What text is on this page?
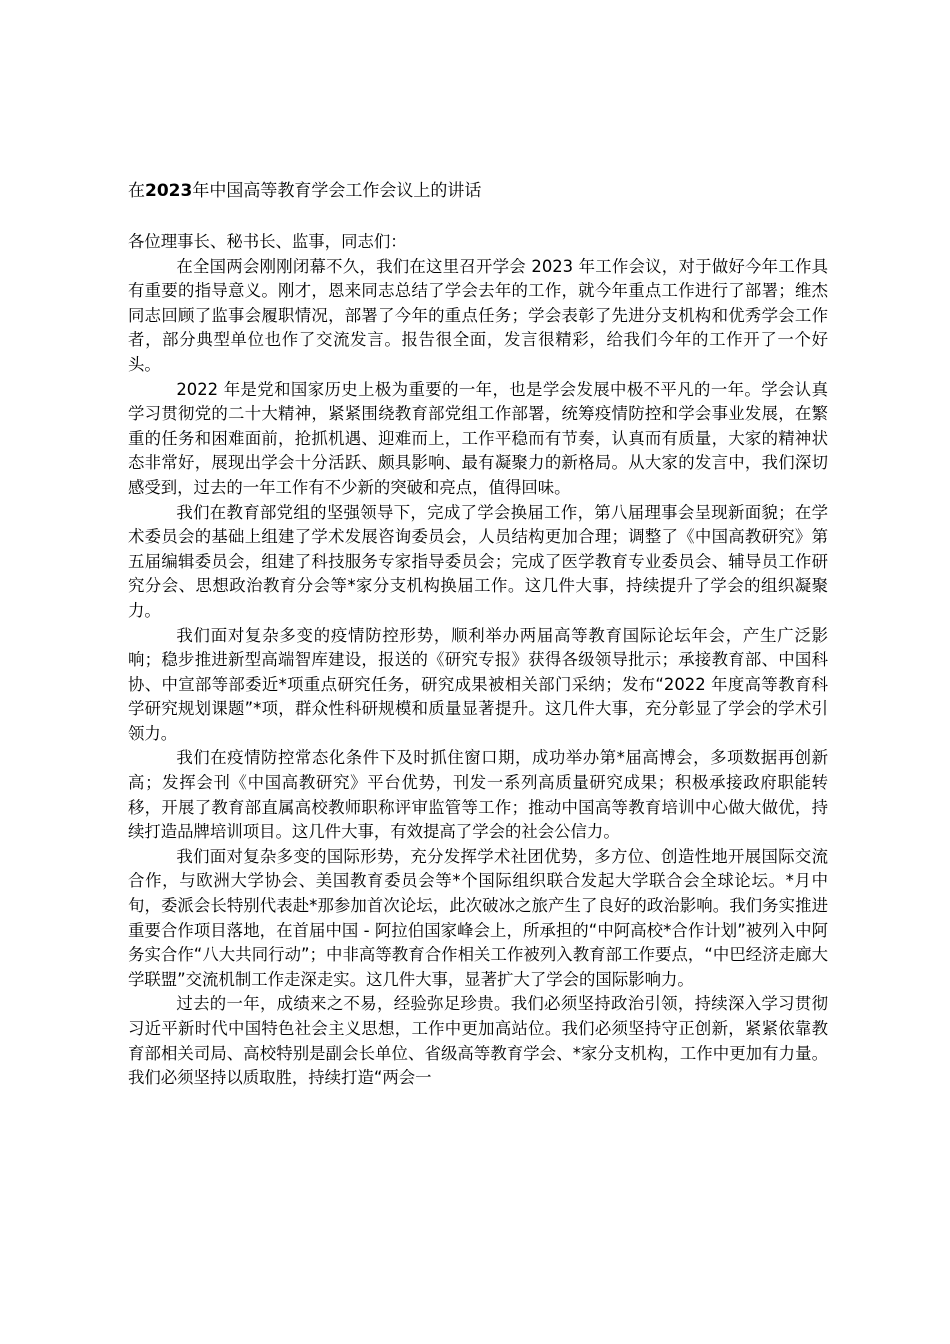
在2023年中国高等教育学会工作会议上的讲话

各位理事长、秘书长、监事，同志们：

在全国两会刚刚闭幕不久，我们在这里召开学会 2023 年工作会议，对于做好今年工作具有重要的指导意义。刚才，恩来同志总结了学会去年的工作，就今年重点工作进行了部署；维杰同志回顾了监事会履职情况，部署了今年的重点任务；学会表彰了先进分支机构和优秀学会工作者，部分典型单位也作了交流发言。报告很全面，发言很精彩，给我们今年的工作开了一个好头。

2022 年是党和国家历史上极为重要的一年，也是学会发展中极不平凡的一年。学会认真学习贯彻党的二十大精神，紧紧围绕教育部党组工作部署，统筹疫情防控和学会事业发展，在繁重的任务和困难面前，抢抓机遇、迎难而上，工作平稳而有节奏，认真而有质量，大家的精神状态非常好，展现出学会十分活跃、颇具影响、最有凝聚力的新格局。从大家的发言中，我们深切感受到，过去的一年工作有不少新的突破和亮点，值得回味。

我们在教育部党组的坚强领导下，完成了学会换届工作，第八届理事会呈现新面貌；在学术委员会的基础上组建了学术发展咨询委员会，人员结构更加合理；调整了《中国高教研究》第五届编辑委员会，组建了科技服务专家指导委员会；完成了医学教育专业委员会、辅导员工作研究分会、思想政治教育分会等*家分支机构换届工作。这几件大事，持续提升了学会的组织凝聚力。

我们面对复杂多变的疫情防控形势，顺利举办两届高等教育国际论坛年会，产生广泛影响；稳步推进新型高端智库建设，报送的《研究专报》获得各级领导批示；承接教育部、中国科协、中宣部等部委近*项重点研究任务，研究成果被相关部门采纳；发布“2022 年度高等教育科学研究规划课题”*项，群众性科研规模和质量显著提升。这几件大事，充分彰显了学会的学术引领力。

我们在疫情防控常态化条件下及时抓住窗口期，成功举办第*届高博会，多项数据再创新高；发挥会刊《中国高教研究》平台优势，刊发一系列高质量研究成果；积极承接政府职能转移，开展了教育部直属高校教师职称评审监管等工作；推动中国高等教育培训中心做大做优，持续打造品牌培训项目。这几件大事，有效提高了学会的社会公信力。

我们面对复杂多变的国际形势，充分发挥学术社团优势，多方位、创造性地开展国际交流合作，与欧洲大学协会、美国教育委员会等*个国际组织联合发起大学联合会全球论坛。*月中旬，委派会长特别代表赴*那参加首次论坛，此次破冰之旅产生了良好的政治影响。我们务实推进重要合作项目落地，在首届中国 - 阿拉伯国家峰会上，所承担的“中阿高校*合作计划”被列入中阿务实合作“八大共同行动”；中非高等教育合作相关工作被列入教育部工作要点，“中巴经济走廊大学联盟”交流机制工作走深走实。这几件大事，显著扩大了学会的国际影响力。

过去的一年，成绩来之不易，经验弥足珍贵。我们必须坚持政治引领，持续深入学习贯彻习近平新时代中国特色社会主义思想，工作中更加高站位。我们必须坚持守正创新，紧紧依靠教育部相关司局、高校特别是副会长单位、省级高等教育学会、*家分支机构，工作中更加有力量。我们必须坚持以质取胜，持续打造“两会一
